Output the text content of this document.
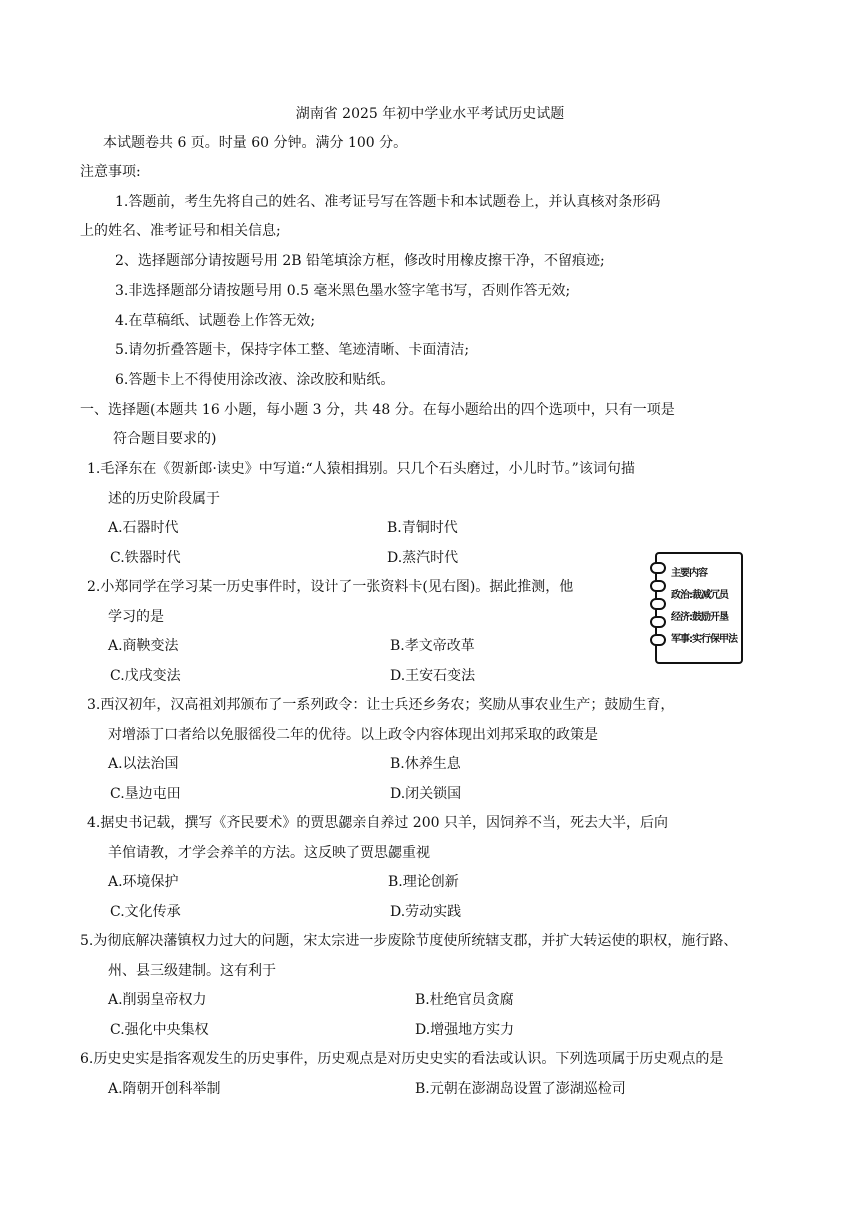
湖南省 2025 年初中学业水平考试历史试题
本试题卷共 6 页。时量 60 分钟。满分 100 分。
注意事项:
1.答题前，考生先将自己的姓名、准考证号写在答题卡和本试题卷上，并认真核对条形码
上的姓名、准考证号和相关信息;
2、选择题部分请按题号用 2B 铅笔填涂方框，修改时用橡皮擦干净，不留痕迹;
3.非选择题部分请按题号用 0.5 毫米黑色墨水签字笔书写，否则作答无效;
4.在草稿纸、试题卷上作答无效;
5.请勿折叠答题卡，保持字体工整、笔迹清晰、卡面清洁;
6.答题卡上不得使用涂改液、涂改胶和贴纸。
一、选择题(本题共 16 小题，每小题 3 分，共 48 分。在每小题给出的四个选项中，只有一项是
符合题目要求的)
1.毛泽东在《贺新郎·读史》中写道:“人猿相揖别。只几个石头磨过，小儿时节。”该词句描
述的历史阶段属于
A.石器时代	B.青铜时代
C.铁器时代	D.蒸汽时代
2.小郑同学在学习某一历史事件时，设计了一张资料卡(见右图)。据此推测，他
学习的是
A.商鞅变法	B.孝文帝改革
C.戊戌变法	D.王安石变法
主要内容
政治:裁减冗员
经济:鼓励开垦
军事:实行保甲法
3.西汉初年，汉高祖刘邦颁布了一系列政令：让士兵还乡务农；奖励从事农业生产；鼓励生育，
对增添丁口者给以免服徭役二年的优待。以上政令内容体现出刘邦采取的政策是
A.以法治国	B.休养生息
C.垦边屯田	D.闭关锁国
4.据史书记载，撰写《齐民要术》的贾思勰亲自养过 200 只羊，因饲养不当，死去大半，后向
羊倌请教，才学会养羊的方法。这反映了贾思勰重视
A.环境保护	B.理论创新
C.文化传承	D.劳动实践
5.为彻底解决藩镇权力过大的问题，宋太宗进一步废除节度使所统辖支郡，并扩大转运使的职权，施行路、
州、县三级建制。这有利于
A.削弱皇帝权力	B.杜绝官员贪腐
C.强化中央集权	D.增强地方实力
6.历史史实是指客观发生的历史事件，历史观点是对历史史实的看法或认识。下列选项属于历史观点的是
A.隋朝开创科举制	B.元朝在澎湖岛设置了澎湖巡检司
